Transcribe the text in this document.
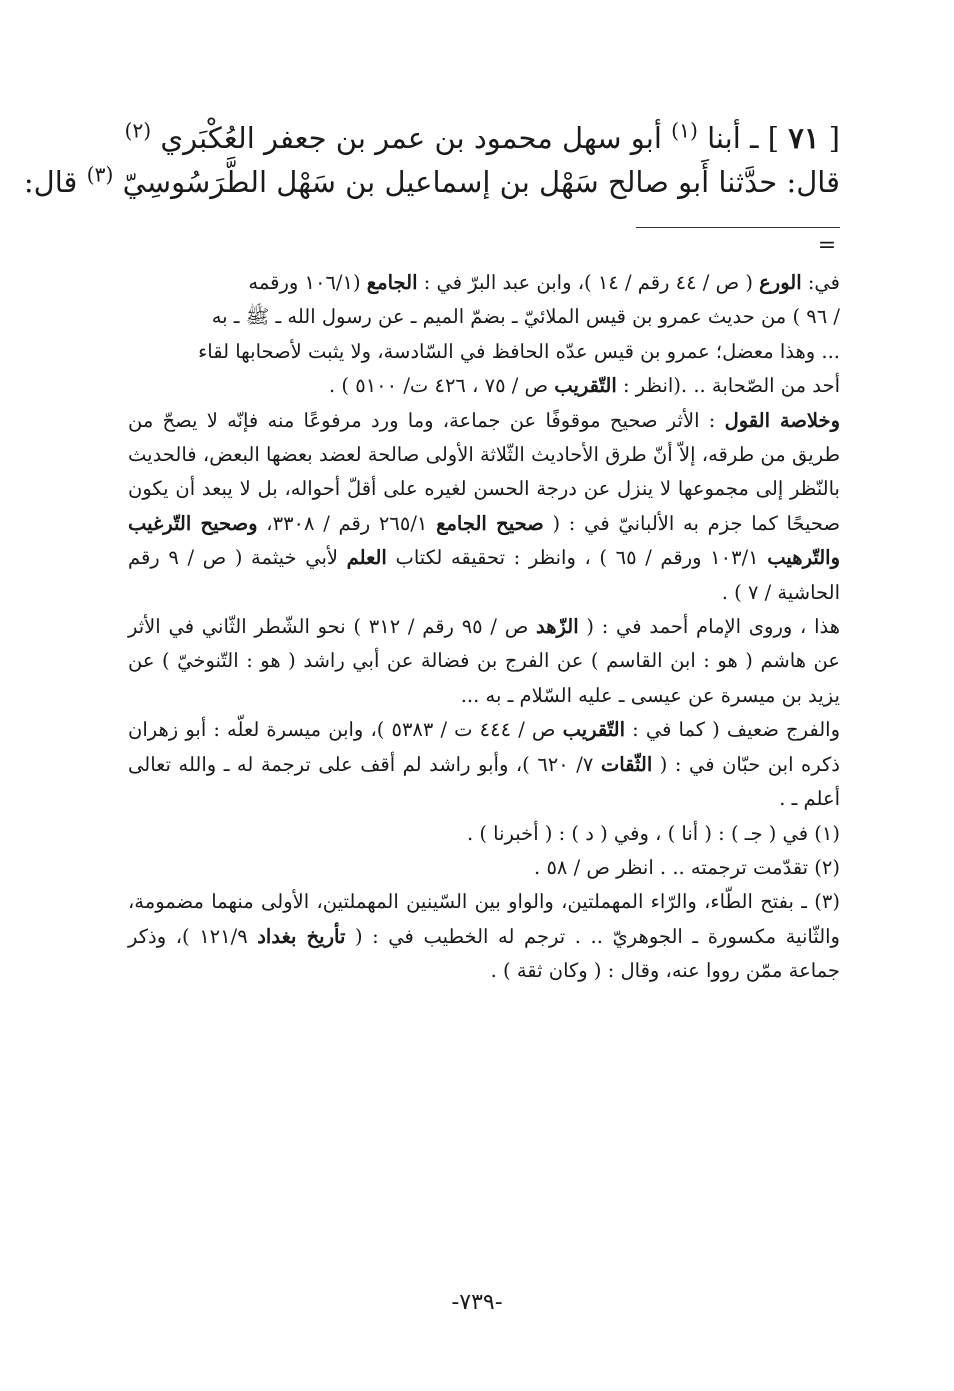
[ ٧١ ] ـ أبنا $^{(١)}$ أبو سهل محمود بن عمر بن جعفر العُكْبَري $^{(٢)}$
قال: حدَّثنا أَبو صالح سَهْل بن إسماعيل بن سَهْل الطَّرَسُوسِيّ $^{(٣)}$ قال:
=

في: الورع ( ص / ٤٤ رقم / ١٤ )، وابن عبد البرّ في : الجامع (١٠٦/١ ورقمه

/ ٩٦ ) من حديث عمرو بن قيس الملائيّ ـ بضمّ الميم ـ عن رسول الله ـ ﷺ ـ به

... وهذا معضل؛ عمرو بن قيس عدّه الحافظ في السّادسة، ولا يثبت لأصحابها لقاء

أحد من الصّحابة .. .(انظر : التّقريب ص / ٧٥ ، ٤٢٦ ت/ ٥١٠٠ ) .

وخلاصة القول : الأثر صحيح موقوفًا عن جماعة، وما ورد مرفوعًا منه فإنّه لا يصحّ من طريق من طرقه، إلاّ أنّ طرق الأحاديث الثّلاثة الأولى صالحة لعضد بعضها البعض، فالحديث بالنّظر إلى مجموعها لا ينزل عن درجة الحسن لغيره على أقلّ أحواله، بل لا يبعد أن يكون صحيحًا كما جزم به الألبانيّ في : ( صحيح الجامع ٢٦٥/١ رقم / ٣٣٠٨، وصحيح التّرغيب والتّرهيب ١٠٣/١ ورقم / ٦٥ ) ، وانظر : تحقيقه لكتاب العلم لأبي خيثمة ( ص / ٩ رقم الحاشية / ٧ ) .

هذا ، وروى الإمام أحمد في : ( الزّهد ص / ٩٥ رقم / ٣١٢ ) نحو الشّطر الثّاني في الأثر عن هاشم ( هو : ابن القاسم ) عن الفرج بن فضالة عن أبي راشد ( هو : التّنوخيّ ) عن يزيد بن ميسرة عن عيسى ـ عليه السّلام ـ به ...

والفرج ضعيف ( كما في : التّقريب ص / ٤٤٤ ت / ٥٣٨٣ )، وابن ميسرة لعلّه : أبو زهران ذكره ابن حبّان في : ( الثّقات ٧/ ٦٢٠ )، وأبو راشد لم أقف على ترجمة له ـ والله تعالى أعلم ـ .

(١) في ( جـ ) : ( أنا ) ، وفي ( د ) : ( أخبرنا ) .

(٢) تقدّمت ترجمته .. . انظر ص / ٥٨ .

(٣) ـ بفتح الطّاء، والرّاء المهملتين، والواو بين السّينين المهملتين، الأولى منهما مضمومة، والثّانية مكسورة ـ الجوهريّ .. . ترجم له الخطيب في : ( تأريخ بغداد ١٢١/٩ )، وذكر جماعة ممّن رووا عنه، وقال : ( وكان ثقة ) .

-٧٣٩-
